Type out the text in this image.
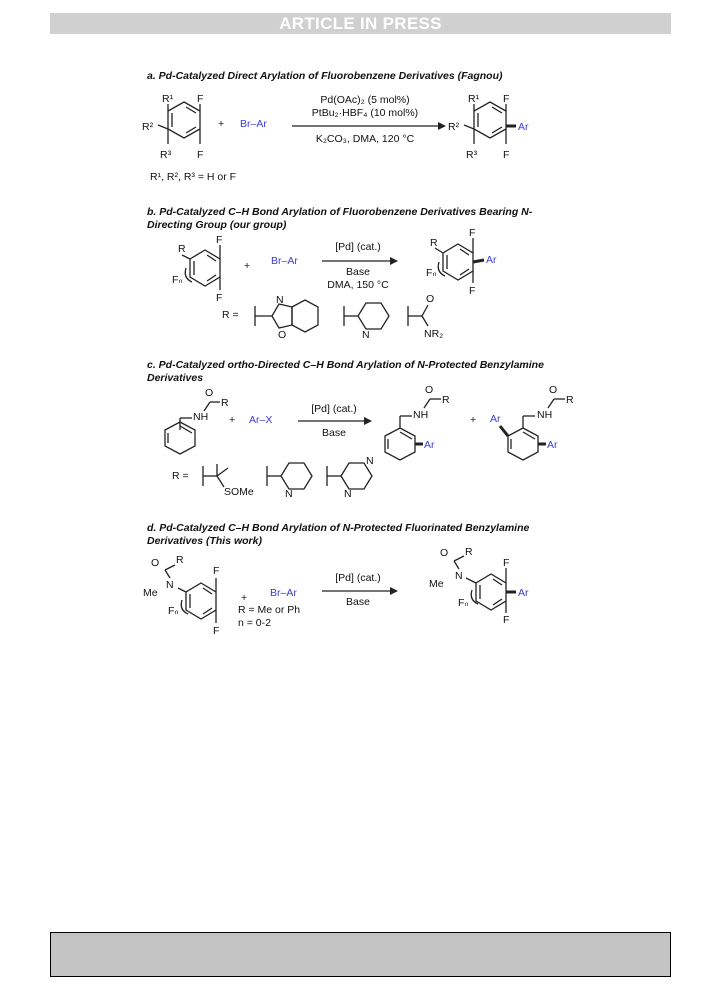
ARTICLE IN PRESS
a. Pd-Catalyzed Direct Arylation of Fluorobenzene Derivatives (Fagnou)
R¹ F
R²
R³ F
+ Br–Ar
Pd(OAc)₂ (5 mol%)
PtBu₂·HBF₄ (10 mol%)
K₂CO₃, DMA, 120 °C
R¹ F
R²	Ar
R³ F
R¹, R², R³ = H or F
b. Pd-Catalyzed C–H Bond Arylation of Fluorobenzene Derivatives Bearing N-
Directing Group (our group)
F
R
Fₙ
F
+ Br–Ar
[Pd] (cat.)
Base
DMA, 150 °C
F
R
Ar
Fₙ
F
R =
N
O	N
O
NR₂
c. Pd-Catalyzed ortho-Directed C–H Bond Arylation of N-Protected Benzylamine
Derivatives
NH
O
R
+ Ar–X
[Pd] (cat.)
Base
NH
O
R
Ar
+ Ar	NH
O
R
Ar
R =
SOMe	N
N
N
d. Pd-Catalyzed C–H Bond Arylation of N-Protected Fluorinated Benzylamine
Derivatives (This work)
O R
N
Me
F
Fₙ
F
+ Br–Ar
R = Me or Ph
n = 0-2
[Pd] (cat.)
Base
O R
N
Me
F
Ar
Fₙ
F
